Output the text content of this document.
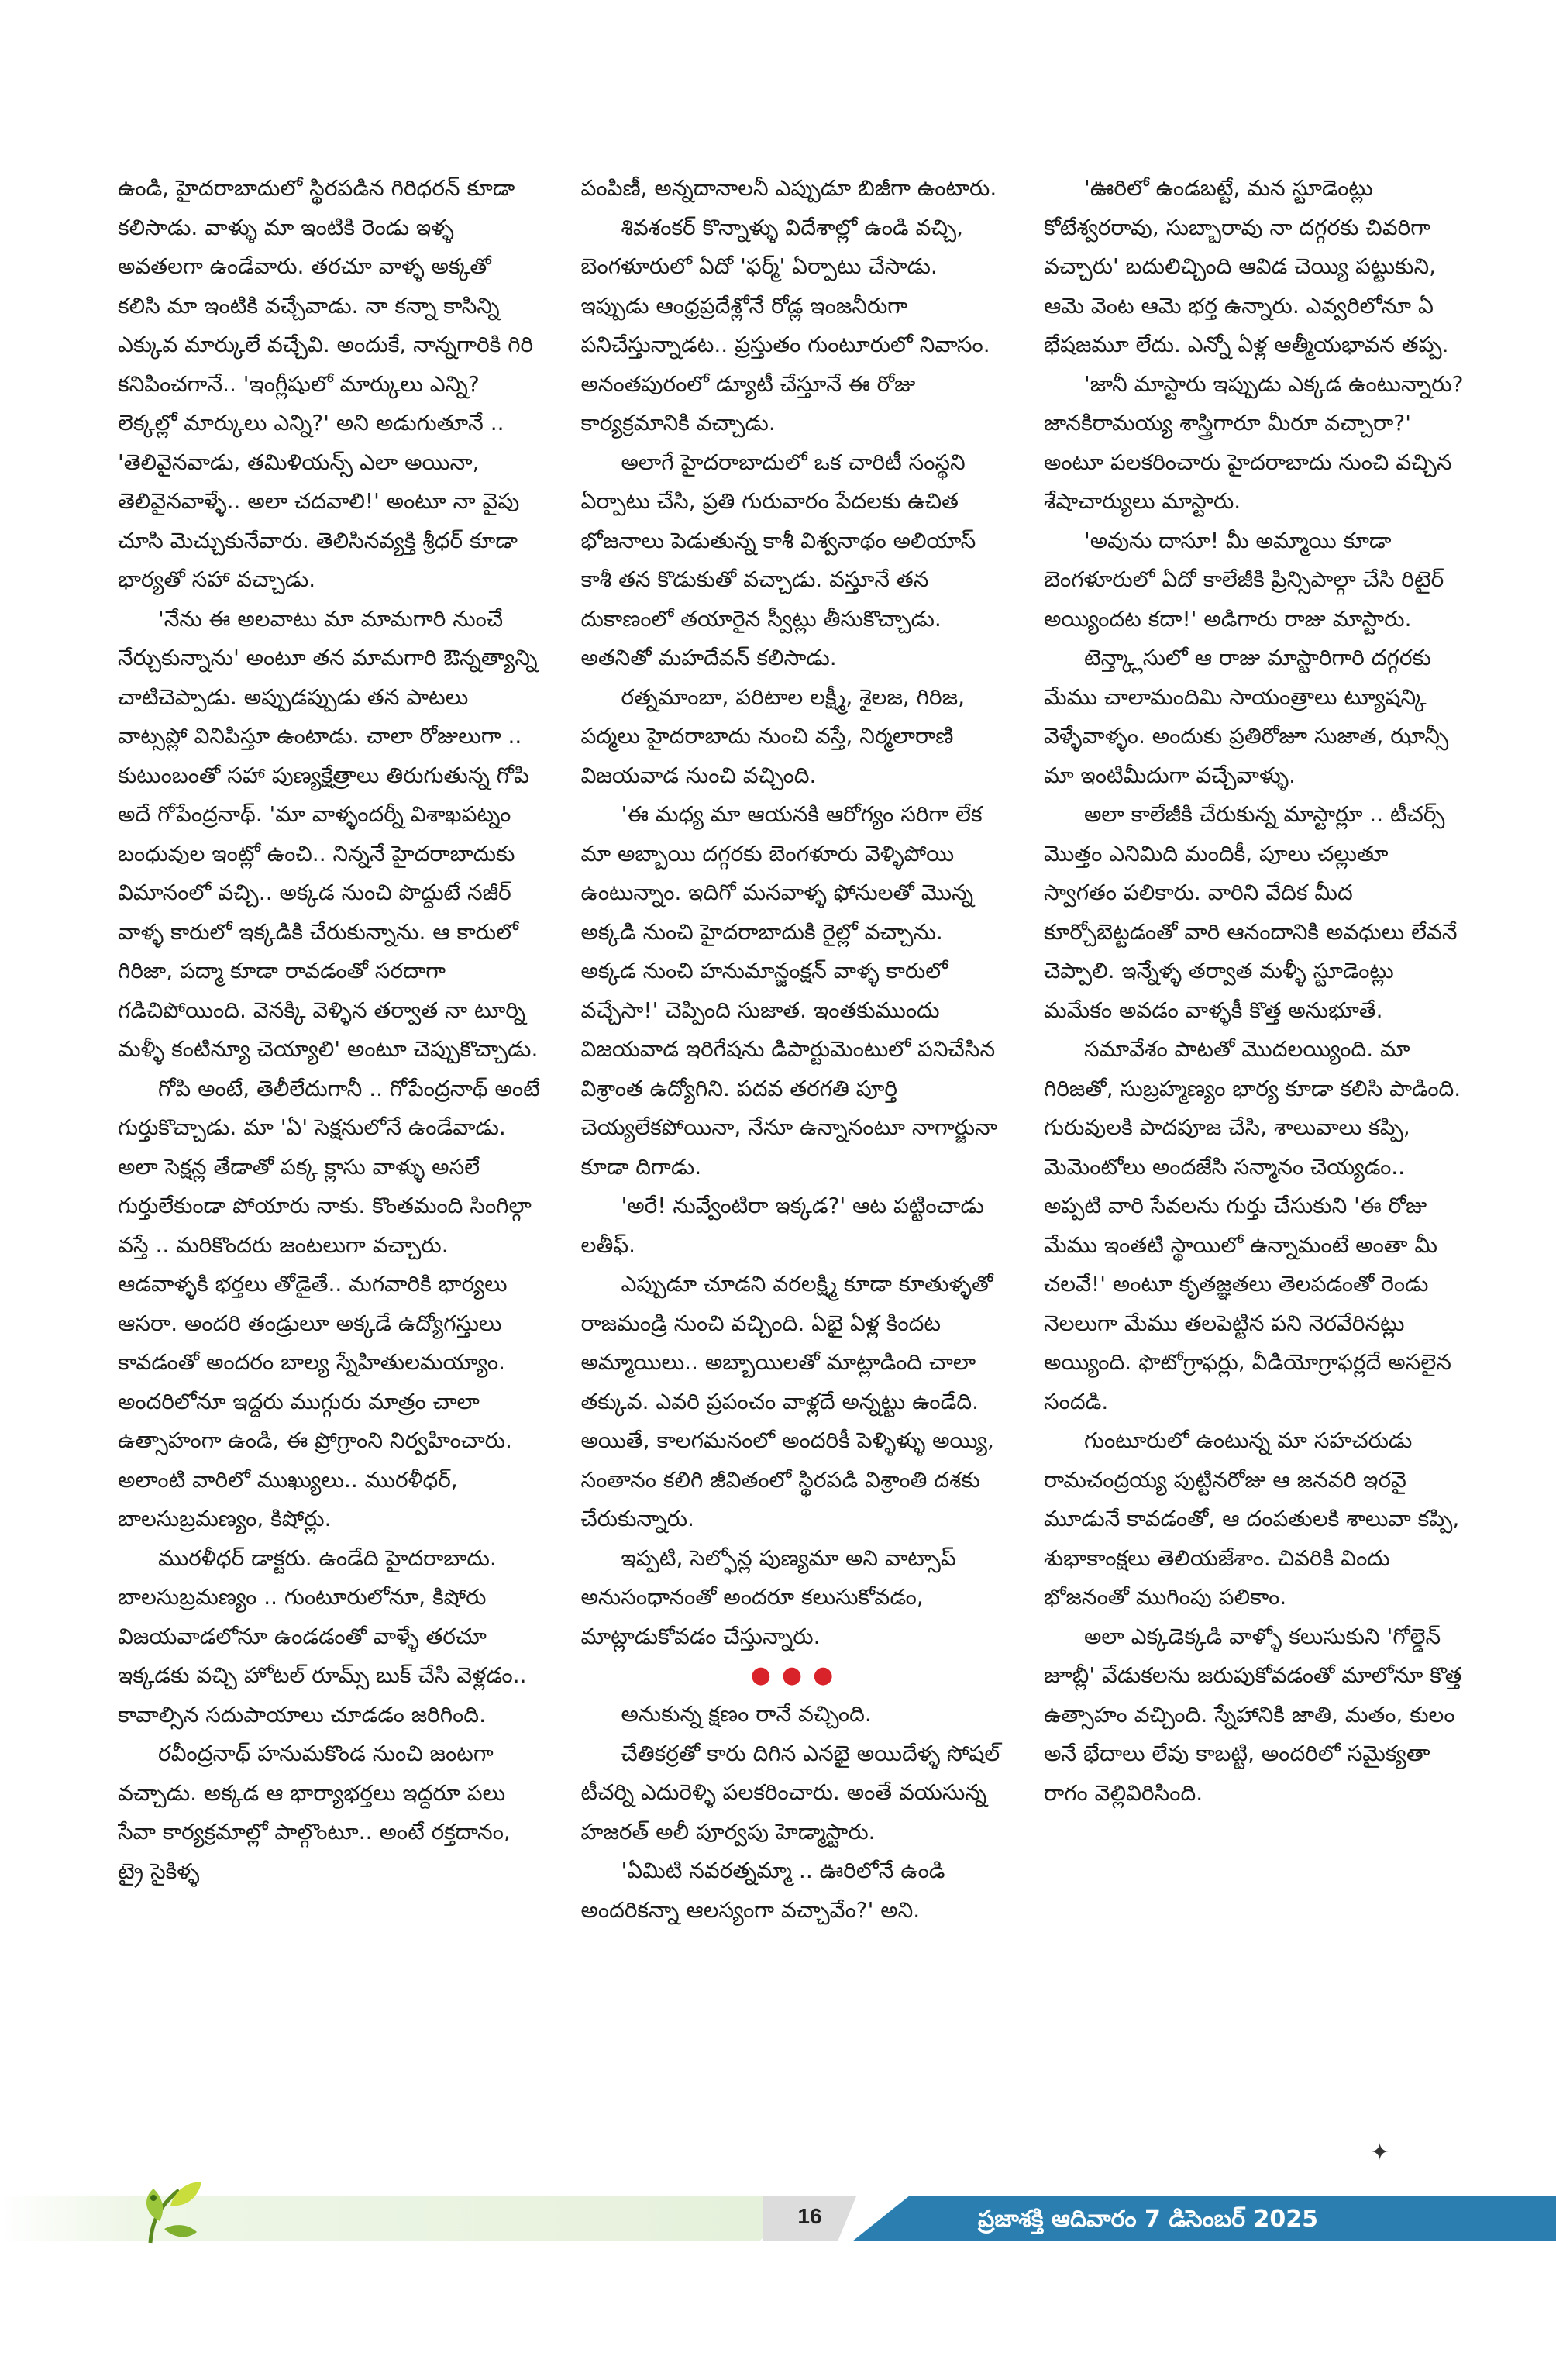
ఉండి, హైదరాబాదులో స్థిరపడిన గిరిధరన్ కూడా కలిసాడు. వాళ్ళు మా ఇంటికి రెండు ఇళ్ళ అవతలగా ఉండేవారు. తరచూ వాళ్ళ అక్కతో కలిసి మా ఇంటికి వచ్చేవాడు. నా కన్నా కాసిన్ని ఎక్కువ మార్కులే వచ్చేవి. అందుకే, నాన్నగారికి గిరి కనిపించగానే.. 'ఇంగ్లీషులో మార్కులు ఎన్ని? లెక్కల్లో మార్కులు ఎన్ని?' అని అడుగుతూనే .. 'తెలివైనవాడు, తమిళియన్స్ ఎలా అయినా, తెలివైనవాళ్ళే.. అలా చదవాలి!' అంటూ నా వైపు చూసి మెచ్చుకునేవారు. తెలిసినవ్యక్తి శ్రీధర్ కూడా భార్యతో సహా వచ్చాడు.

'నేను ఈ అలవాటు మా మామగారి నుంచే నేర్చుకున్నాను' అంటూ తన మామగారి ఔన్నత్యాన్ని చాటిచెప్పాడు. అప్పుడప్పుడు తన పాటలు వాట్సప్లో వినిపిస్తూ ఉంటాడు. చాలా రోజులుగా .. కుటుంబంతో సహా పుణ్యక్షేత్రాలు తిరుగుతున్న గోపి అదే గోపేంద్రనాథ్. 'మా వాళ్ళందర్నీ విశాఖపట్నం బంధువుల ఇంట్లో ఉంచి.. నిన్ననే హైదరాబాదుకు విమానంలో వచ్చి.. అక్కడ నుంచి పొద్దుటే నజీర్ వాళ్ళ కారులో ఇక్కడికి చేరుకున్నాను. ఆ కారులో గిరిజా, పద్మా కూడా రావడంతో సరదాగా గడిచిపోయింది. వెనక్కి వెళ్ళిన తర్వాత నా టూర్ని మళ్ళీ కంటిన్యూ చెయ్యాలి' అంటూ చెప్పుకొచ్చాడు.

గోపి అంటే, తెలీలేదుగానీ .. గోపేంద్రనాథ్ అంటే గుర్తుకొచ్చాడు. మా 'ఏ' సెక్షనులోనే ఉండేవాడు. అలా సెక్షన్ల తేడాతో పక్క క్లాసు వాళ్ళు అసలే గుర్తులేకుండా పోయారు నాకు. కొంతమంది సింగిల్గా వస్తే .. మరికొందరు జంటలుగా వచ్చారు. ఆడవాళ్ళకి భర్తలు తోడైతే.. మగవారికి భార్యలు ఆసరా. అందరి తండ్రులూ అక్కడే ఉద్యోగస్తులు కావడంతో అందరం బాల్య స్నేహితులమయ్యాం. అందరిలోనూ ఇద్దరు ముగ్గురు మాత్రం చాలా ఉత్సాహంగా ఉండి, ఈ ప్రోగ్రాంని నిర్వహించారు. అలాంటి వారిలో ముఖ్యులు.. మురళీధర్, బాలసుబ్రమణ్యం, కిషోర్లు.

మురళీధర్ డాక్టరు. ఉండేది హైదరాబాదు. బాలసుబ్రమణ్యం .. గుంటూరులోనూ, కిషోరు విజయవాడలోనూ ఉండడంతో వాళ్ళే తరచూ ఇక్కడకు వచ్చి హోటల్ రూమ్స్ బుక్ చేసి వెళ్లడం.. కావాల్సిన సదుపాయాలు చూడడం జరిగింది.

రవీంద్రనాథ్ హనుమకొండ నుంచి జంటగా వచ్చాడు. అక్కడ ఆ భార్యాభర్తలు ఇద్దరూ పలు సేవా కార్యక్రమాల్లో పాల్గొంటూ.. అంటే రక్తదానం, ట్రై సైకిళ్ళ

పంపిణీ, అన్నదానాలనీ ఎప్పుడూ బిజీగా ఉంటారు.

శివశంకర్ కొన్నాళ్ళు విదేశాల్లో ఉండి వచ్చి, బెంగళూరులో ఏదో 'ఫర్మ్' ఏర్పాటు చేసాడు. ఇప్పుడు ఆంధ్రప్రదేశ్లోనే రోడ్ల ఇంజనీరుగా పనిచేస్తున్నాడట.. ప్రస్తుతం గుంటూరులో నివాసం. అనంతపురంలో డ్యూటీ చేస్తూనే ఈ రోజు కార్యక్రమానికి వచ్చాడు.

అలాగే హైదరాబాదులో ఒక చారిటీ సంస్థని ఏర్పాటు చేసి, ప్రతి గురువారం పేదలకు ఉచిత భోజనాలు పెడుతున్న కాశీ విశ్వనాథం అలియాస్ కాశీ తన కొడుకుతో వచ్చాడు. వస్తూనే తన దుకాణంలో తయారైన స్వీట్లు తీసుకొచ్చాడు. అతనితో మహదేవన్ కలిసాడు.

రత్నమాంబా, పరిటాల లక్ష్మీ, శైలజ, గిరిజ, పద్మలు హైదరాబాదు నుంచి వస్తే, నిర్మలారాణి విజయవాడ నుంచి వచ్చింది.

'ఈ మధ్య మా ఆయనకి ఆరోగ్యం సరిగా లేక మా అబ్బాయి దగ్గరకు బెంగళూరు వెళ్ళిపోయి ఉంటున్నాం. ఇదిగో మనవాళ్ళ ఫోనులతో మొన్న అక్కడి నుంచి హైదరాబాదుకి రైల్లో వచ్చాను. అక్కడ నుంచి హనుమాన్జంక్షన్ వాళ్ళ కారులో వచ్చేసా!' చెప్పింది సుజాత. ఇంతకుముందు విజయవాడ ఇరిగేషను డిపార్టుమెంటులో పనిచేసిన విశ్రాంత ఉద్యోగిని. పదవ తరగతి పూర్తి చెయ్యలేకపోయినా, నేనూ ఉన్నానంటూ నాగార్జునా కూడా దిగాడు.

'అరే! నువ్వేంటిరా ఇక్కడ?' ఆట పట్టించాడు లతీఫ్.

ఎప్పుడూ చూడని వరలక్ష్మి కూడా కూతుళ్ళతో రాజమండ్రి నుంచి వచ్చింది. ఏభై ఏళ్ల కిందట అమ్మాయిలు.. అబ్బాయిలతో మాట్లాడింది చాలా తక్కువ. ఎవరి ప్రపంచం వాళ్లదే అన్నట్టు ఉండేది. అయితే, కాలగమనంలో అందరికీ పెళ్ళిళ్ళు అయ్యి, సంతానం కలిగి జీవితంలో స్థిరపడి విశ్రాంతి దశకు చేరుకున్నారు.

ఇప్పటి, సెల్ఫోన్ల పుణ్యమా అని వాట్సాప్ అనుసంధానంతో అందరూ కలుసుకోవడం, మాట్లాడుకోవడం చేస్తున్నారు.

●●●

అనుకున్న క్షణం రానే వచ్చింది.

చేతికర్రతో కారు దిగిన ఎనభై అయిదేళ్ళ సోషల్ టీచర్ని ఎదురెళ్ళి పలకరించారు. అంతే వయసున్న హజరత్ అలీ పూర్వపు హెడ్మాస్టారు.

'ఏమిటి నవరత్నమ్మా .. ఊరిలోనే ఉండి అందరికన్నా ఆలస్యంగా వచ్చావేం?' అని.

'ఊరిలో ఉండబట్టే, మన స్టూడెంట్లు కోటేశ్వరరావు, సుబ్బారావు నా దగ్గరకు చివరిగా వచ్చారు' బదులిచ్చింది ఆవిడ చెయ్యి పట్టుకుని, ఆమె వెంట ఆమె భర్త ఉన్నారు. ఎవ్వరిలోనూ ఏ భేషజమూ లేదు. ఎన్నో ఏళ్ల ఆత్మీయభావన తప్ప.

'జానీ మాస్టారు ఇప్పుడు ఎక్కడ ఉంటున్నారు? జానకిరామయ్య శాస్త్రిగారూ మీరూ వచ్చారా?' అంటూ పలకరించారు హైదరాబాదు నుంచి వచ్చిన శేషాచార్యులు మాస్టారు.

'అవును దాసూ! మీ అమ్మాయి కూడా బెంగళూరులో ఏదో కాలేజీకి ప్రిన్సిపాల్గా చేసి రిటైర్ అయ్యిందట కదా!' అడిగారు రాజు మాస్టారు.

టెన్త్క్లాసులో ఆ రాజు మాస్టారిగారి దగ్గరకు మేము చాలామందిమి సాయంత్రాలు ట్యూషన్కి వెళ్ళేవాళ్ళం. అందుకు ప్రతిరోజూ సుజాత, ఝాన్సీ మా ఇంటిమీదుగా వచ్చేవాళ్ళు.

అలా కాలేజీకి చేరుకున్న మాస్టార్లూ .. టీచర్స్ మొత్తం ఎనిమిది మందికీ, పూలు చల్లుతూ స్వాగతం పలికారు. వారిని వేదిక మీద కూర్చోబెట్టడంతో వారి ఆనందానికి అవధులు లేవనే చెప్పాలి. ఇన్నేళ్ళ తర్వాత మళ్ళీ స్టూడెంట్లు మమేకం అవడం వాళ్ళకీ కొత్త అనుభూతే.

సమావేశం పాటతో మొదలయ్యింది. మా గిరిజతో, సుబ్రహ్మణ్యం భార్య కూడా కలిసి పాడింది. గురువులకి పాదపూజ చేసి, శాలువాలు కప్పి, మెమెంటోలు అందజేసి సన్మానం చెయ్యడం.. అప్పటి వారి సేవలను గుర్తు చేసుకుని 'ఈ రోజు మేము ఇంతటి స్థాయిలో ఉన్నామంటే అంతా మీ చలవే!' అంటూ కృతజ్ఞతలు తెలపడంతో రెండు నెలలుగా మేము తలపెట్టిన పని నెరవేరినట్లు అయ్యింది. ఫొటోగ్రాఫర్లు, వీడియోగ్రాఫర్లదే అసలైన సందడి.

గుంటూరులో ఉంటున్న మా సహచరుడు రామచంద్రయ్య పుట్టినరోజు ఆ జనవరి ఇరవై మూడునే కావడంతో, ఆ దంపతులకి శాలువా కప్పి, శుభాకాంక్షలు తెలియజేశాం. చివరికి విందు భోజనంతో ముగింపు పలికాం.

అలా ఎక్కడెక్కడి వాళ్ళో కలుసుకుని 'గోల్డెన్ జూబ్లీ' వేడుకలను జరుపుకోవడంతో మాలోనూ కొత్త ఉత్సాహం వచ్చింది. స్నేహానికి జాతి, మతం, కులం అనే భేదాలు లేవు కాబట్టి, అందరిలో సమైక్యతా రాగం వెల్లివిరిసింది.

✦
16	ప్రజాశక్తి ఆదివారం 7 డిసెంబర్ 2025
